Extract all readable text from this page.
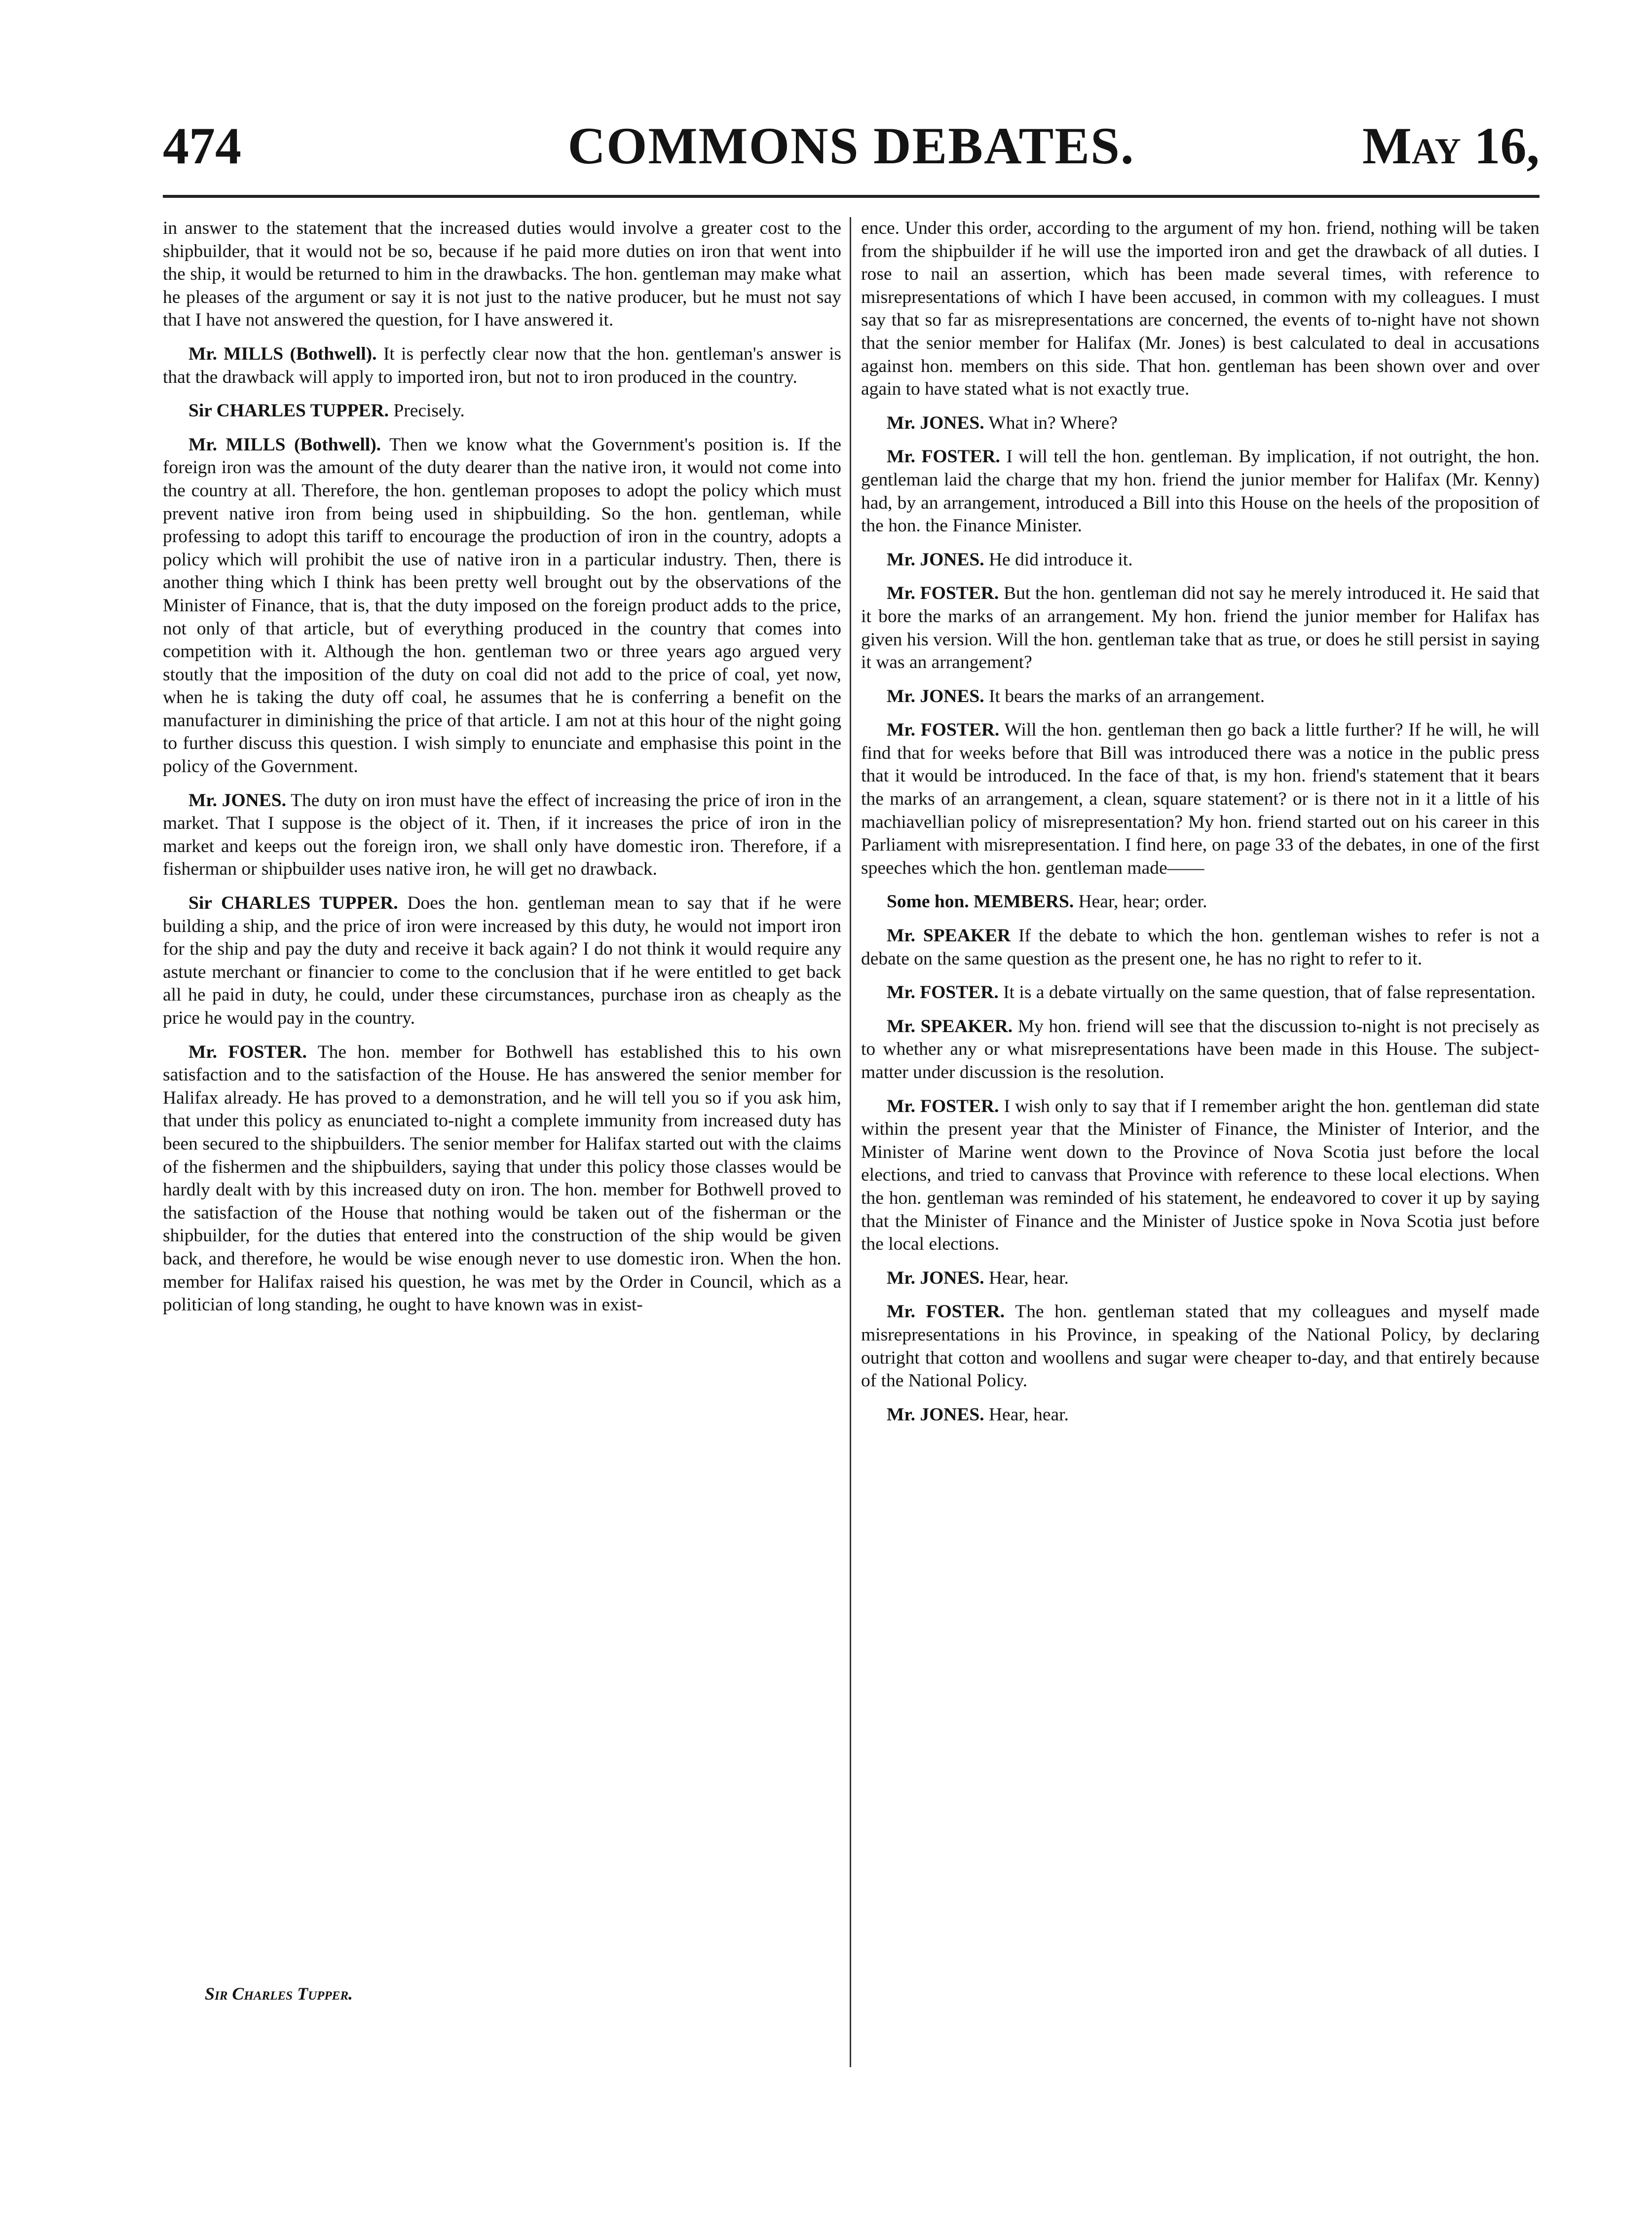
474	COMMONS DEBATES.	May 16,

in answer to the statement that the increased duties would involve a greater cost to the shipbuilder, that it would not be so, because if he paid more duties on iron that went into the ship, it would be returned to him in the drawbacks. The hon. gentleman may make what he pleases of the argument or say it is not just to the native producer, but he must not say that I have not answered the question, for I have answered it.

Mr. MILLS (Bothwell). It is perfectly clear now that the hon. gentleman's answer is that the drawback will apply to imported iron, but not to iron produced in the country.

Sir CHARLES TUPPER. Precisely.

Mr. MILLS (Bothwell). Then we know what the Government's position is. If the foreign iron was the amount of the duty dearer than the native iron, it would not come into the country at all. Therefore, the hon. gentleman proposes to adopt the policy which must prevent native iron from being used in shipbuilding. So the hon. gentleman, while professing to adopt this tariff to encourage the production of iron in the country, adopts a policy which will prohibit the use of native iron in a particular industry. Then, there is another thing which I think has been pretty well brought out by the observations of the Minister of Finance, that is, that the duty imposed on the foreign product adds to the price, not only of that article, but of everything produced in the country that comes into competition with it. Although the hon. gentleman two or three years ago argued very stoutly that the imposition of the duty on coal did not add to the price of coal, yet now, when he is taking the duty off coal, he assumes that he is conferring a benefit on the manufacturer in diminishing the price of that article. I am not at this hour of the night going to further discuss this question. I wish simply to enunciate and emphasise this point in the policy of the Government.

Mr. JONES. The duty on iron must have the effect of increasing the price of iron in the market. That I suppose is the object of it. Then, if it increases the price of iron in the market and keeps out the foreign iron, we shall only have domestic iron. Therefore, if a fisherman or shipbuilder uses native iron, he will get no drawback.

Sir CHARLES TUPPER. Does the hon. gentleman mean to say that if he were building a ship, and the price of iron were increased by this duty, he would not import iron for the ship and pay the duty and receive it back again? I do not think it would require any astute merchant or financier to come to the conclusion that if he were entitled to get back all he paid in duty, he could, under these circumstances, purchase iron as cheaply as the price he would pay in the country.

Mr. FOSTER. The hon. member for Bothwell has established this to his own satisfaction and to the satisfaction of the House. He has answered the senior member for Halifax already. He has proved to a demonstration, and he will tell you so if you ask him, that under this policy as enunciated to-night a complete immunity from increased duty has been secured to the shipbuilders. The senior member for Halifax started out with the claims of the fishermen and the shipbuilders, saying that under this policy those classes would be hardly dealt with by this increased duty on iron. The hon. member for Bothwell proved to the satisfaction of the House that nothing would be taken out of the fisherman or the shipbuilder, for the duties that entered into the construction of the ship would be given back, and therefore, he would be wise enough never to use domestic iron. When the hon. member for Halifax raised his question, he was met by the Order in Council, which as a politician of long standing, he ought to have known was in exist-

ence. Under this order, according to the argument of my hon. friend, nothing will be taken from the shipbuilder if he will use the imported iron and get the drawback of all duties. I rose to nail an assertion, which has been made several times, with reference to misrepresentations of which I have been accused, in common with my colleagues. I must say that so far as misrepresentations are concerned, the events of to-night have not shown that the senior member for Halifax (Mr. Jones) is best calculated to deal in accusations against hon. members on this side. That hon. gentleman has been shown over and over again to have stated what is not exactly true.

Mr. JONES. What in? Where?

Mr. FOSTER. I will tell the hon. gentleman. By implication, if not outright, the hon. gentleman laid the charge that my hon. friend the junior member for Halifax (Mr. Kenny) had, by an arrangement, introduced a Bill into this House on the heels of the proposition of the hon. the Finance Minister.

Mr. JONES. He did introduce it.

Mr. FOSTER. But the hon. gentleman did not say he merely introduced it. He said that it bore the marks of an arrangement. My hon. friend the junior member for Halifax has given his version. Will the hon. gentleman take that as true, or does he still persist in saying it was an arrangement?

Mr. JONES. It bears the marks of an arrangement.

Mr. FOSTER. Will the hon. gentleman then go back a little further? If he will, he will find that for weeks before that Bill was introduced there was a notice in the public press that it would be introduced. In the face of that, is my hon. friend's statement that it bears the marks of an arrangement, a clean, square statement? or is there not in it a little of his machiavellian policy of misrepresentation? My hon. friend started out on his career in this Parliament with misrepresentation. I find here, on page 33 of the debates, in one of the first speeches which the hon. gentleman made——

Some hon. MEMBERS. Hear, hear; order.

Mr. SPEAKER If the debate to which the hon. gentleman wishes to refer is not a debate on the same question as the present one, he has no right to refer to it.

Mr. FOSTER. It is a debate virtually on the same question, that of false representation.

Mr. SPEAKER. My hon. friend will see that the discussion to-night is not precisely as to whether any or what misrepresentations have been made in this House. The subject-matter under discussion is the resolution.

Mr. FOSTER. I wish only to say that if I remember aright the hon. gentleman did state within the present year that the Minister of Finance, the Minister of Interior, and the Minister of Marine went down to the Province of Nova Scotia just before the local elections, and tried to canvass that Province with reference to these local elections. When the hon. gentleman was reminded of his statement, he endeavored to cover it up by saying that the Minister of Finance and the Minister of Justice spoke in Nova Scotia just before the local elections.

Mr. JONES. Hear, hear.

Mr. FOSTER. The hon. gentleman stated that my colleagues and myself made misrepresentations in his Province, in speaking of the National Policy, by declaring outright that cotton and woollens and sugar were cheaper to-day, and that entirely because of the National Policy.

Mr. JONES. Hear, hear.

Sir Charles Tupper.
